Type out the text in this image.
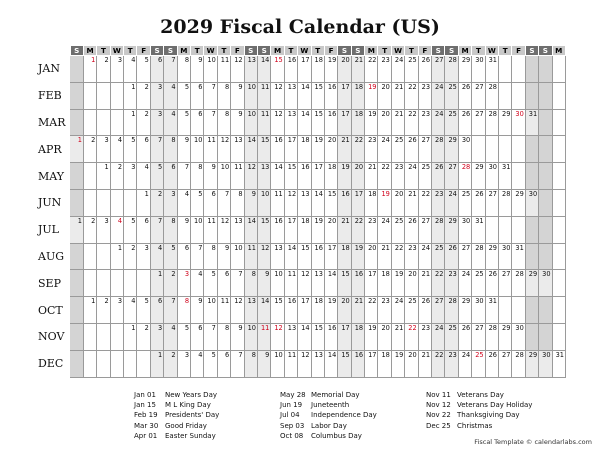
2029 Fiscal Calendar (US)
	S	M	T	W	T	F	S	S	M	T	W	T	F	S	S	M	T	W	T	F	S	S	M	T	W	T	F	S	S	M	T	W	T	F	S	S	M
JAN		1	2	3	4	5	6	7	8	9	10	11	12	13	14	15	16	17	18	19	20	21	22	23	24	25	26	27	28	29	30	31					

FEB					1	2	3	4	5	6	7	8	9	10	11	12	13	14	15	16	17	18	19	20	21	22	23	24	25	26	27	28					

MAR					1	2	3	4	5	6	7	8	9	10	11	12	13	14	15	16	17	18	19	20	21	22	23	24	25	26	27	28	29	30	31		

APR	1	2	3	4	5	6	7	8	9	10	11	12	13	14	15	16	17	18	19	20	21	22	23	24	25	26	27	28	29	30							

MAY			1	2	3	4	5	6	7	8	9	10	11	12	13	14	15	16	17	18	19	20	21	22	23	24	25	26	27	28	29	30	31				

JUN						1	2	3	4	5	6	7	8	9	10	11	12	13	14	15	16	17	18	19	20	21	22	23	24	25	26	27	28	29	30		

JUL	1	2	3	4	5	6	7	8	9	10	11	12	13	14	15	16	17	18	19	20	21	22	23	24	25	26	27	28	29	30	31						

AUG				1	2	3	4	5	6	7	8	9	10	11	12	13	14	15	16	17	18	19	20	21	22	23	24	25	26	27	28	29	30	31			

SEP							1	2	3	4	5	6	7	8	9	10	11	12	13	14	15	16	17	18	19	20	21	22	23	24	25	26	27	28	29	30	

OCT		1	2	3	4	5	6	7	8	9	10	11	12	13	14	15	16	17	18	19	20	21	22	23	24	25	26	27	28	29	30	31					

NOV					1	2	3	4	5	6	7	8	9	10	11	12	13	14	15	16	17	18	19	20	21	22	23	24	25	26	27	28	29	30			

DEC							1	2	3	4	5	6	7	8	9	10	11	12	13	14	15	16	17	18	19	20	21	22	23	24	25	26	27	28	29	30	31
Jan 01 New Years Day
Jan 15 M L King Day
Feb 19 Presidents' Day
Mar 30 Good Friday
Apr 01 Easter Sunday
May 28 Memorial Day
Jun 19 Juneteenth
Jul 04 Independence Day
Sep 03 Labor Day
Oct 08 Columbus Day
Nov 11 Veterans Day
Nov 12 Veterans Day Holiday
Nov 22 Thanksgiving Day
Dec 25 Christmas
Fiscal Template © calendarlabs.com
